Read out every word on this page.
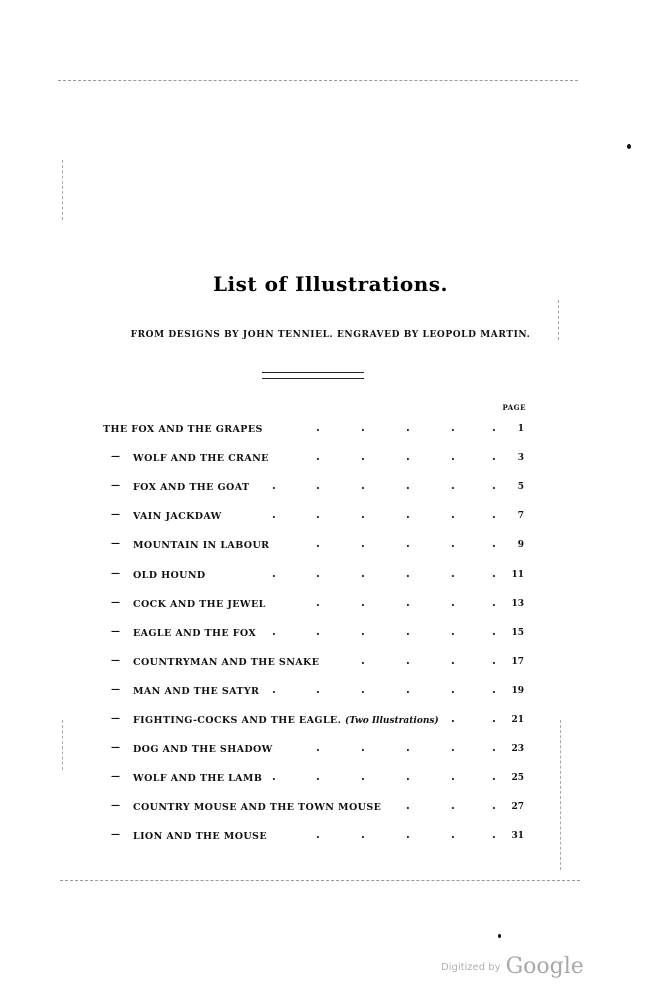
List of Illustrations.
FROM DESIGNS BY JOHN TENNIEL. ENGRAVED BY LEOPOLD MARTIN.
PAGE
THE FOX AND THE GRAPES	1
.	.	.	.	.
— WOLF AND THE CRANE	3
.	.	.	.	.
— FOX AND THE GOAT	5
.	.	.	.	.	.
— VAIN JACKDAW	7
.	.	.	.	.	.
— MOUNTAIN IN LABOUR	9
.	.	.	.	.
— OLD HOUND	11
.	.	.	.	.	.
— COCK AND THE JEWEL	13
.	.	.	.	.
— EAGLE AND THE FOX	15
.	.	.	.	.	.
— COUNTRYMAN AND THE SNAKE	17
.	.	.	.
— MAN AND THE SATYR	19
.	.	.	.	.	.
— FIGHTING-COCKS AND THE EAGLE. (Two Illustrations)	21
.	.
— DOG AND THE SHADOW	23
.	.	.	.	.
— WOLF AND THE LAMB	25
.	.	.	.	.	.
— COUNTRY MOUSE AND THE TOWN MOUSE	27
.	.	.
— LION AND THE MOUSE	31
.	.	.	.	.
Digitized by Google
